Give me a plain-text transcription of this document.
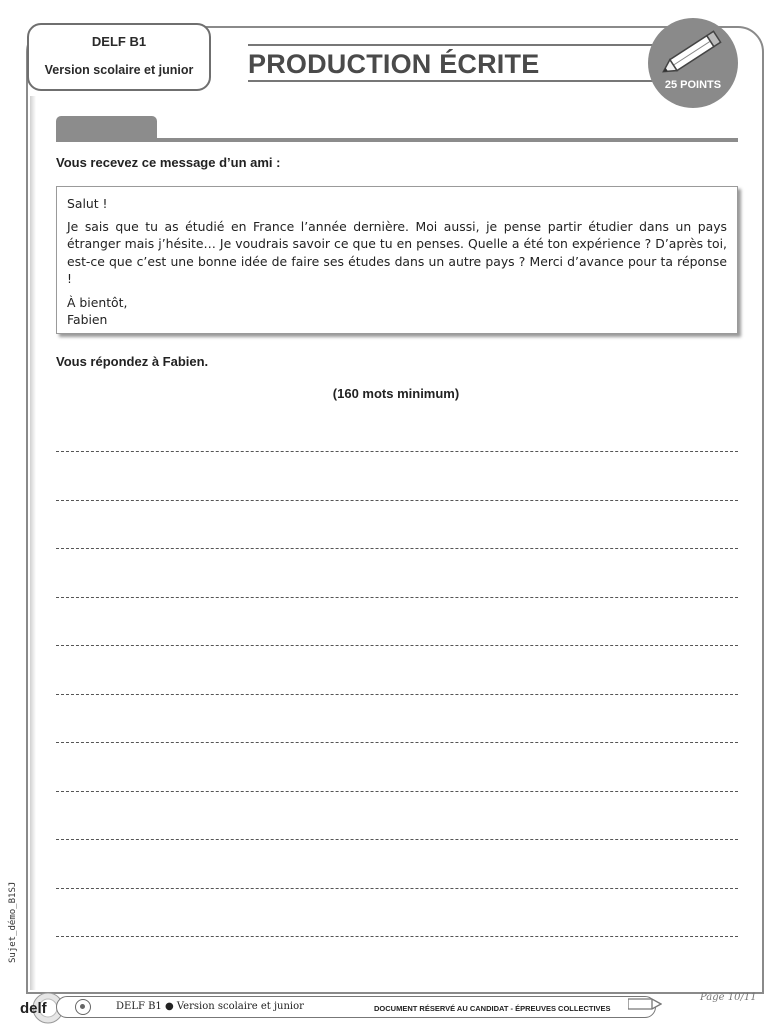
DELF B1
Version scolaire et junior	PRODUCTION ÉCRITE
25 POINTS
Vous recevez ce message d’un ami :
Salut !
Je sais que tu as étudié en France l’année dernière. Moi aussi, je pense partir étudier dans un pays étranger mais j’hésite… Je voudrais savoir ce que tu en penses. Quelle a été ton expérience ? D’après toi, est-ce que c’est une bonne idée de faire ses études dans un autre pays ? Merci d’avance pour ta réponse !
À bientôt,
Fabien
Vous répondez à Fabien.
(160 mots minimum)
Sujet_démo_B1SJ
delf	DELF B1 ● Version scolaire et junior	DOCUMENT RÉSERVÉ AU CANDIDAT - ÉPREUVES COLLECTIVES
Page 10/11
